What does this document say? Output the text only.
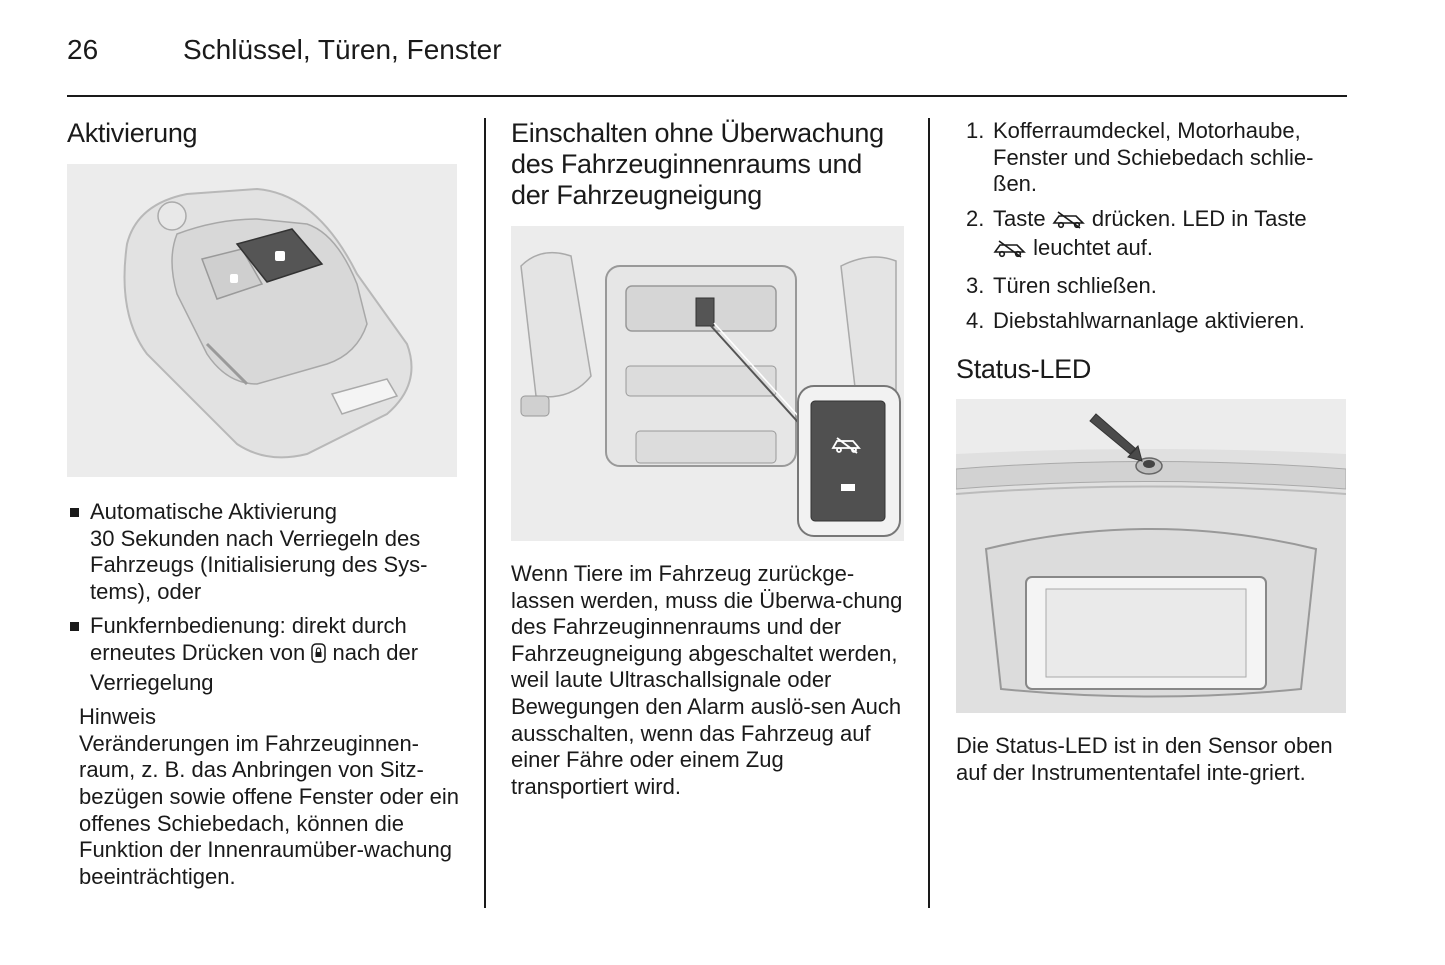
26	Schlüssel, Türen, Fenster
Aktivierung
Automatische Aktivierung
30 Sekunden nach Verriegeln des Fahrzeugs (Initialisierung des Sys-tems), oder
Funkfernbedienung: direkt durch erneutes Drücken von nach der Verriegelung
Hinweis
Veränderungen im Fahrzeuginnen-raum, z. B. das Anbringen von Sitz-bezügen sowie offene Fenster oder ein offenes Schiebedach, können die Funktion der Innenraumüber-wachung beeinträchtigen.
Einschalten ohne Überwachung des Fahrzeuginnenraums und der Fahrzeugneigung
Wenn Tiere im Fahrzeug zurückge-lassen werden, muss die Überwa-chung des Fahrzeuginnenraums und der Fahrzeugneigung abgeschaltet werden, weil laute Ultraschallsignale oder Bewegungen den Alarm auslö-sen Auch ausschalten, wenn das Fahrzeug auf einer Fähre oder einem Zug transportiert wird.
1. Kofferraumdeckel, Motorhaube, Fenster und Schiebedach schlie-ßen.
2. Taste drücken. LED in Taste
leuchtet auf.
3. Türen schließen.
4. Diebstahlwarnanlage aktivieren.
Status-LED
Die Status-LED ist in den Sensor oben auf der Instrumententafel inte-griert.
